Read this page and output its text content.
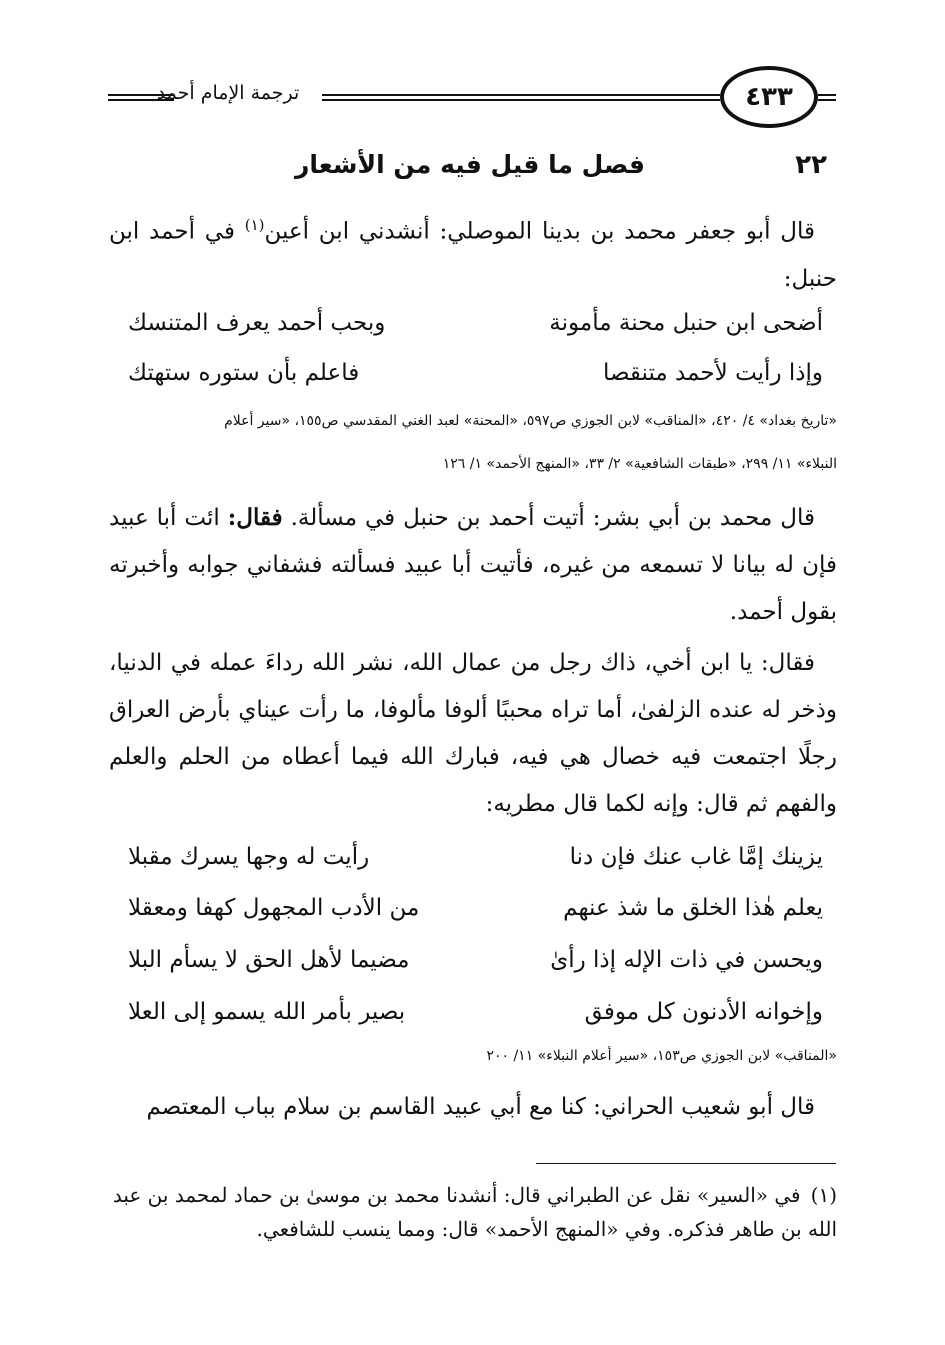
٤٣٣
ترجمة الإمام أحمد
٢٢
فصل ما قيل فيه من الأشعار

قال أبو جعفر محمد بن بدينا الموصلي: أنشدني ابن أعين$^{(١)}$ في أحمد ابن حنبل:

أضحى ابن حنبل محنة مأمونة
وبحب أحمد يعرف المتنسك
وإذا رأيت لأحمد متنقصا
فاعلم بأن ستوره ستهتك
«تاريخ بغداد» ٤/ ٤٢٠، «المناقب» لابن الجوزي ص٥٩٧، «المحنة» لعبد الغني المقدسي ص١٥٥، «سير أعلام
النبلاء» ١١/ ٢٩٩، «طبقات الشافعية» ٢/ ٣٣، «المنهج الأحمد» ١/ ١٢٦

قال محمد بن أبي بشر: أتيت أحمد بن حنبل في مسألة. فقال: ائت أبا عبيد فإن له بيانا لا تسمعه من غيره، فأتيت أبا عبيد فسألته فشفاني جوابه وأخبرته بقول أحمد.

فقال: يا ابن أخي، ذاك رجل من عمال الله، نشر الله رداءَ عمله في الدنيا، وذخر له عنده الزلفىٰ، أما تراه محببًا ألوفا مألوفا، ما رأت عيناي بأرض العراق رجلًا اجتمعت فيه خصال هي فيه، فبارك الله فيما أعطاه من الحلم والعلم والفهم ثم قال: وإنه لكما قال مطريه:

يزينك إمَّا غاب عنك فإن دنا
رأيت له وجها يسرك مقبلا
يعلم هٰذا الخلق ما شذ عنهم
من الأدب المجهول كهفا ومعقلا
ويحسن في ذات الإله إذا رأىٰ
مضيما لأهل الحق لا يسأم البلا
وإخوانه الأدنون كل موفق
بصير بأمر الله يسمو إلى العلا
«المناقب» لابن الجوزي ص١٥٣، «سير أعلام النبلاء» ١١/ ٢٠٠

قال أبو شعيب الحراني: كنا مع أبي عبيد القاسم بن سلام بباب المعتصم

(١)في «السير» نقل عن الطبراني قال: أنشدنا محمد بن موسىٰ بن حماد لمحمد بن عبد الله بن طاهر فذكره. وفي «المنهج الأحمد» قال: ومما ينسب للشافعي.
